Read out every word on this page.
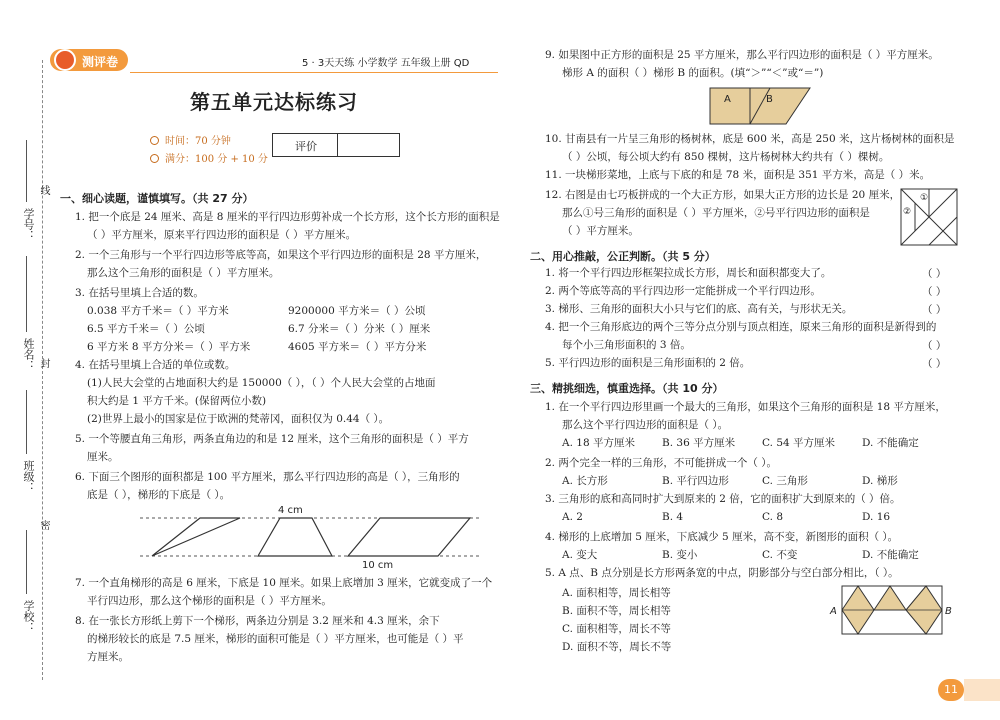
学号：
线
姓名： 封
班级：
密
学校：
测评卷	5 · 3天天练 小学数学 五年级上册 QD
第五单元达标练习
时间：70 分钟
满分：100 分 + 10 分
评价
一、细心读题，谨慎填写。（共 27 分）
1. 把一个底是 24 厘米、高是 8 厘米的平行四边形剪补成一个长方形，这个长方形的面积是
（ ）平方厘米，原来平行四边形的面积是（ ）平方厘米。
2. 一个三角形与一个平行四边形等底等高，如果这个平行四边形的面积是 28 平方厘米，
那么这个三角形的面积是（ ）平方厘米。
3. 在括号里填上合适的数。
0.038 平方千米＝（ ）平方米	9200000 平方米＝（ ）公顷
6.5 平方千米＝（ ）公顷	6.7 分米＝（ ）分米（ ）厘米
6 平方米 8 平方分米＝（ ）平方米	4605 平方米＝（ ）平方分米
4. 在括号里填上合适的单位或数。
(1)人民大会堂的占地面积大约是 150000（ ），（ ）个人民大会堂的占地面
积大约是 1 平方千米。(保留两位小数)
(2)世界上最小的国家是位于欧洲的梵蒂冈，面积仅为 0.44（ ）。
5. 一个等腰直角三角形，两条直角边的和是 12 厘米，这个三角形的面积是（ ）平方
厘米。
6. 下面三个图形的面积都是 100 平方厘米，那么平行四边形的高是（ ），三角形的
底是（ ），梯形的下底是（ ）。
4 cm
10 cm
7. 一个直角梯形的高是 6 厘米，下底是 10 厘米。如果上底增加 3 厘米，它就变成了一个
平行四边形，那么这个梯形的面积是（ ）平方厘米。
8. 在一张长方形纸上剪下一个梯形，两条边分别是 3.2 厘米和 4.3 厘米，余下
的梯形较长的底是 7.5 厘米，梯形的面积可能是（ ）平方厘米，也可能是（ ）平
方厘米。
9. 如果图中正方形的面积是 25 平方厘米，那么平行四边形的面积是（ ）平方厘米。
梯形 A 的面积（ ）梯形 B 的面积。(填“＞”“＜”或“＝”)
A	B
10. 甘南县有一片呈三角形的杨树林，底是 600 米，高是 250 米，这片杨树林的面积是
（ ）公顷，每公顷大约有 850 棵树，这片杨树林大约共有（ ）棵树。
11. 一块梯形菜地，上底与下底的和是 78 米，面积是 351 平方米，高是（ ）米。
12. 右图是由七巧板拼成的一个大正方形，如果大正方形的边长是 20 厘米，
那么①号三角形的面积是（ ）平方厘米，②号平行四边形的面积是
（ ）平方厘米。
①
②
二、用心推敲，公正判断。（共 5 分）
1. 将一个平行四边形框架拉成长方形，周长和面积都变大了。	（ ）
2. 两个等底等高的平行四边形一定能拼成一个平行四边形。	（ ）
3. 梯形、三角形的面积大小只与它们的底、高有关，与形状无关。	（ ）
4. 把一个三角形底边的两个三等分点分别与顶点相连，原来三角形的面积是新得到的
每个小三角形面积的 3 倍。	（ ）
5. 平行四边形的面积是三角形面积的 2 倍。	（ ）
三、精挑细选，慎重选择。（共 10 分）
1. 在一个平行四边形里画一个最大的三角形，如果这个三角形的面积是 18 平方厘米，
那么这个平行四边形的面积是（ ）。
A. 18 平方厘米	B. 36 平方厘米	C. 54 平方厘米	D. 不能确定
2. 两个完全一样的三角形，不可能拼成一个（ ）。
A. 长方形	B. 平行四边形	C. 三角形	D. 梯形
3. 三角形的底和高同时扩大到原来的 2 倍，它的面积扩大到原来的（ ）倍。
A. 2	B. 4	C. 8	D. 16
4. 梯形的上底增加 5 厘米，下底减少 5 厘米，高不变，新图形的面积（ ）。
A. 变大	B. 变小	C. 不变	D. 不能确定
5. A 点、B 点分别是长方形两条宽的中点，阴影部分与空白部分相比，（ ）。
A. 面积相等，周长相等
B. 面积不等，周长相等
C. 面积相等，周长不等
D. 面积不等，周长不等
A	B
11
